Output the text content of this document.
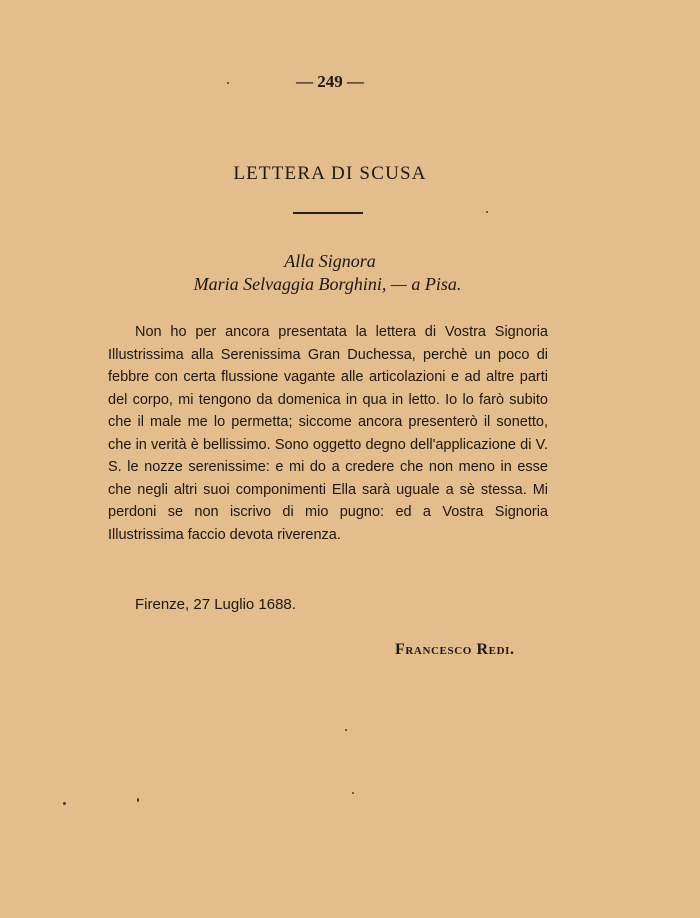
— 249 —
LETTERA DI SCUSA
Alla Signora
Maria Selvaggia Borghini, — a Pisa.

Non ho per ancora presentata la lettera di Vostra Signoria Illustrissima alla Serenissima Gran Duchessa, perchè un poco di febbre con certa flussione vagante alle articolazioni e ad altre parti del corpo, mi tengono da domenica in qua in letto. Io lo farò subito che il male me lo permetta; siccome ancora presenterò il sonetto, che in verità è bellissimo. Sono oggetto degno dell'applicazione di V. S. le nozze serenissime: e mi do a credere che non meno in esse che negli altri suoi componimenti Ella sarà uguale a sè stessa. Mi perdoni se non iscrivo di mio pugno: ed a Vostra Signoria Illustrissima faccio devota riverenza.

Firenze, 27 Luglio 1688.
Francesco Redi.
